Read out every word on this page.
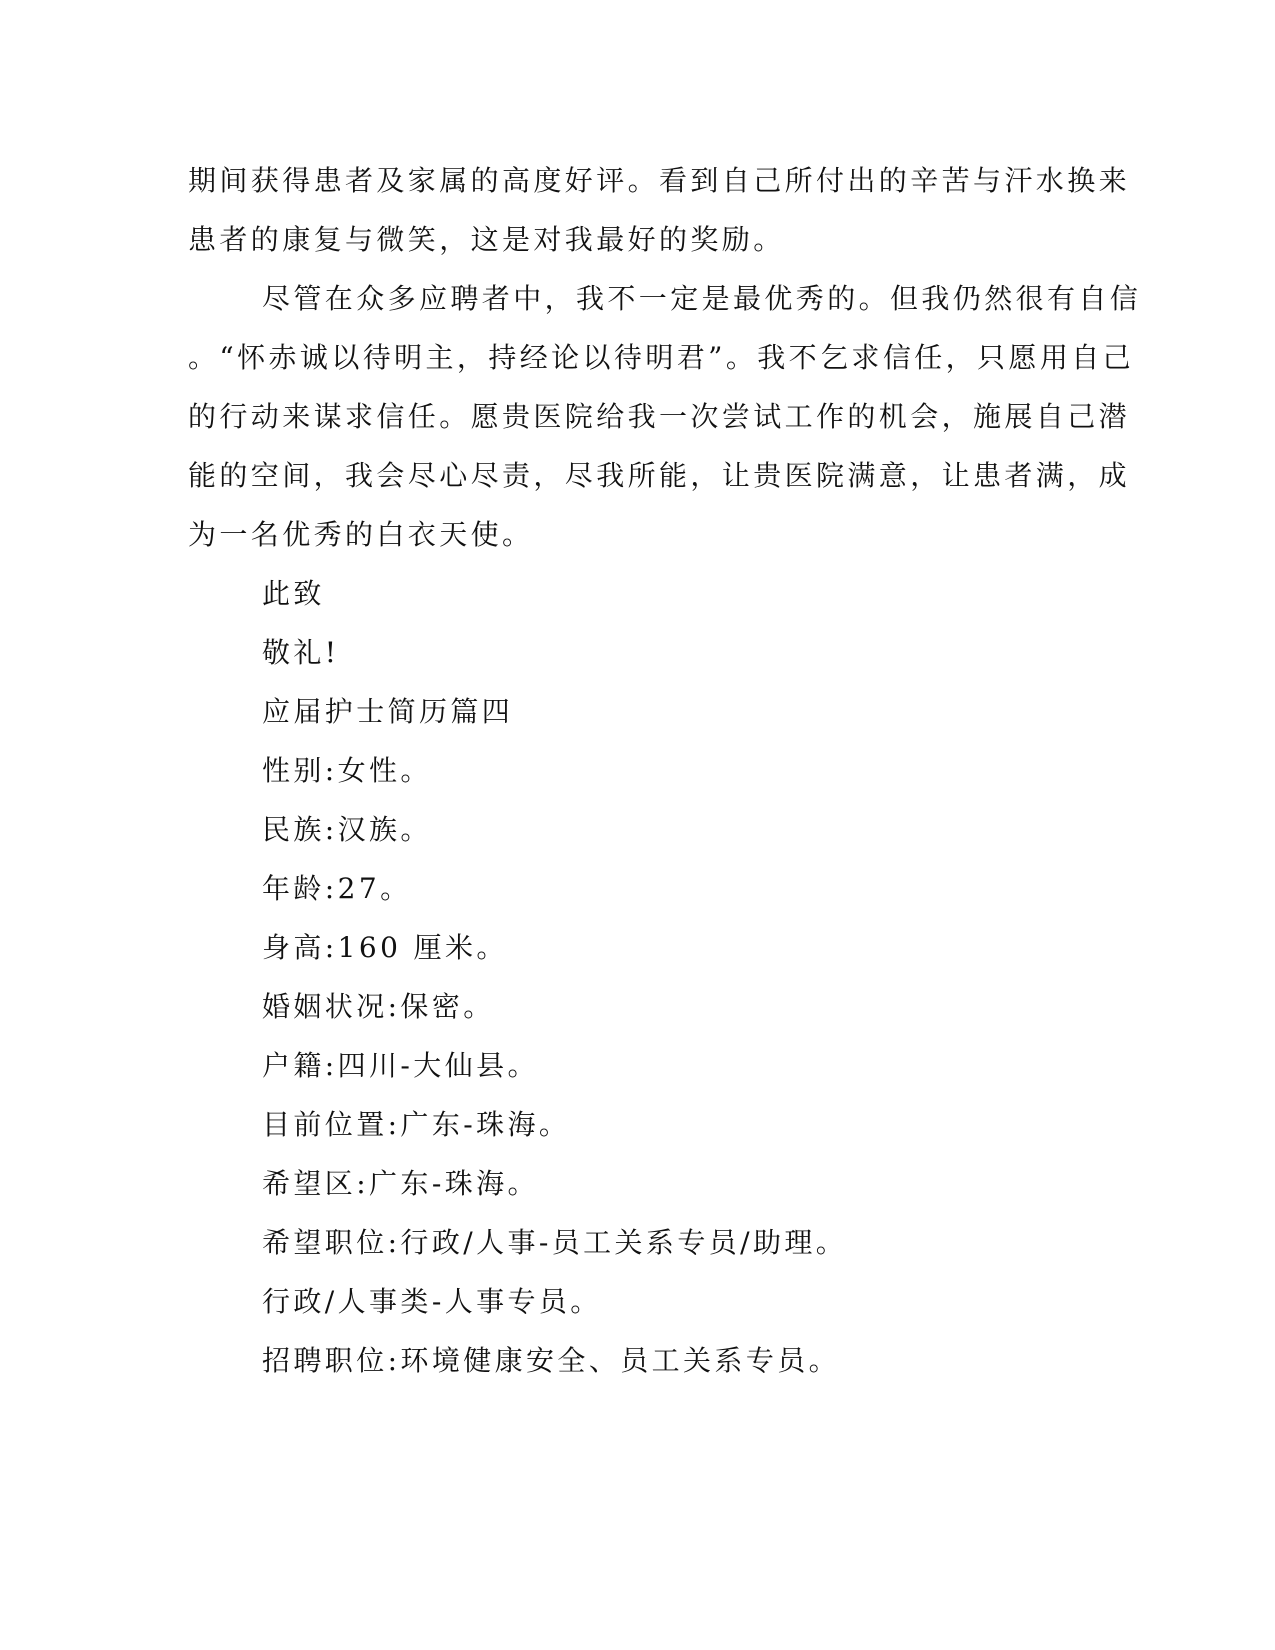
期间获得患者及家属的高度好评。看到自己所付出的辛苦与汗水换来
患者的康复与微笑，这是对我最好的奖励。
尽管在众多应聘者中，我不一定是最优秀的。但我仍然很有自信
。“怀赤诚以待明主，持经论以待明君”。我不乞求信任，只愿用自己
的行动来谋求信任。愿贵医院给我一次尝试工作的机会，施展自己潜
能的空间，我会尽心尽责，尽我所能，让贵医院满意，让患者满，成
为一名优秀的白衣天使。
此致
敬礼!
应届护士简历篇四
性别:女性。
民族:汉族。
年龄:27。
身高:160 厘米。
婚姻状况:保密。
户籍:四川-大仙县。
目前位置:广东-珠海。
希望区:广东-珠海。
希望职位:行政/人事-员工关系专员/助理。
行政/人事类-人事专员。
招聘职位:环境健康安全、员工关系专员。
